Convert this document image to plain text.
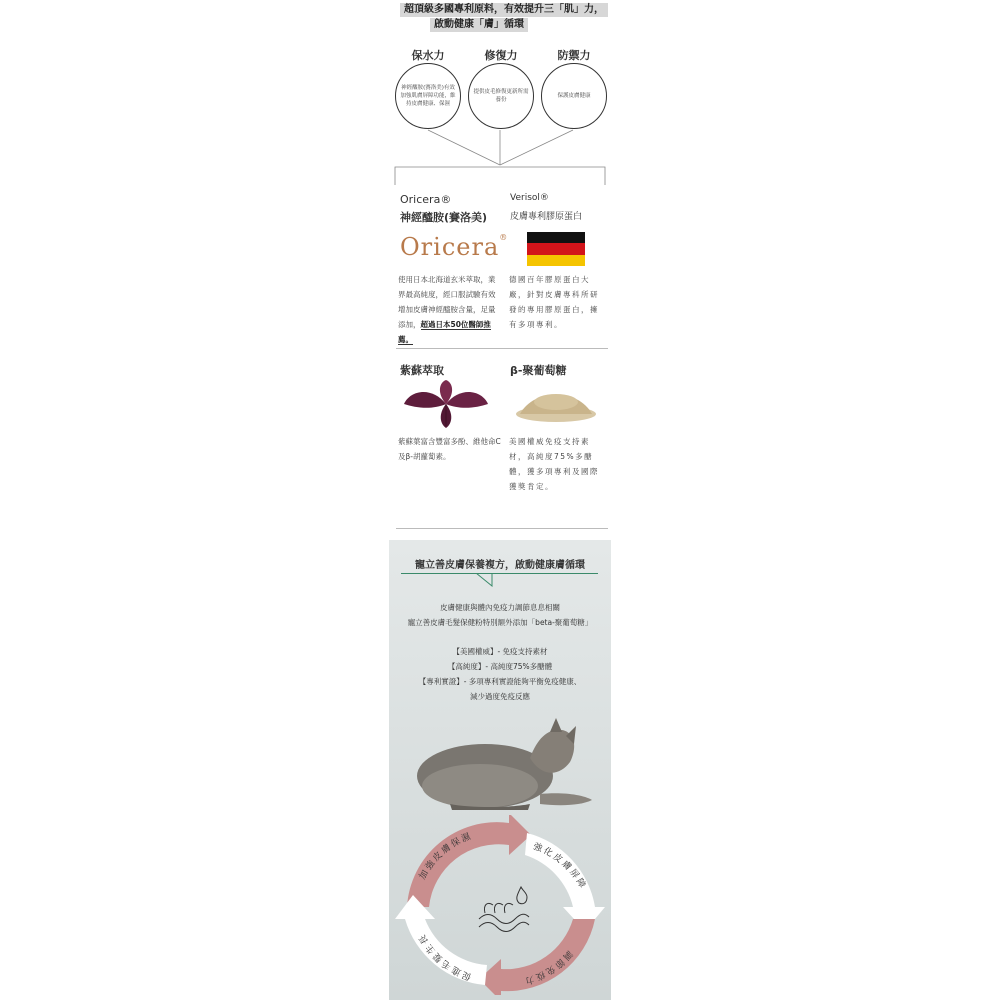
超頂級多國專利原料，有效提升三「肌」力，
啟動健康「膚」循環
保水力	修復力	防禦力
神經醯胺(賽洛美)有效加強肌膚屏障功能，維持皮膚健康、保濕
提供皮毛修復更新所需養份
保護皮膚健康
Oricera®
神經醯胺(賽洛美)
Oricera®
使用日本北海道玄米萃取，業界最高純度，經口服試驗有效增加皮膚神經醯胺含量，足量添加，超過日本50位醫師推薦。
Verisol®
皮膚專利膠原蛋白
德國百年膠原蛋白大廠，針對皮膚專科所研發的專用膠原蛋白，擁有多項專利。
紫蘇萃取
紫蘇葉富含豐富多酚、維他命C及β-胡蘿蔔素。
β-聚葡萄糖
美國權威免疫支持素材，高純度75%多醣體，獲多項專利及國際獲獎肯定。
寵立善皮膚保養複方，啟動健康膚循環
皮膚健康與體內免疫力調節息息相關
寵立善皮膚毛髮保健粉特別額外添加「beta-聚葡萄糖」
【美國權威】- 免疫支持素材
【高純度】- 高純度75%多醣體
【專利實證】- 多項專利實證能夠平衡免疫健康、
減少過度免疫反應
加強皮膚保濕
強化皮膚屏障
調節免疫力
促進毛髮生長
